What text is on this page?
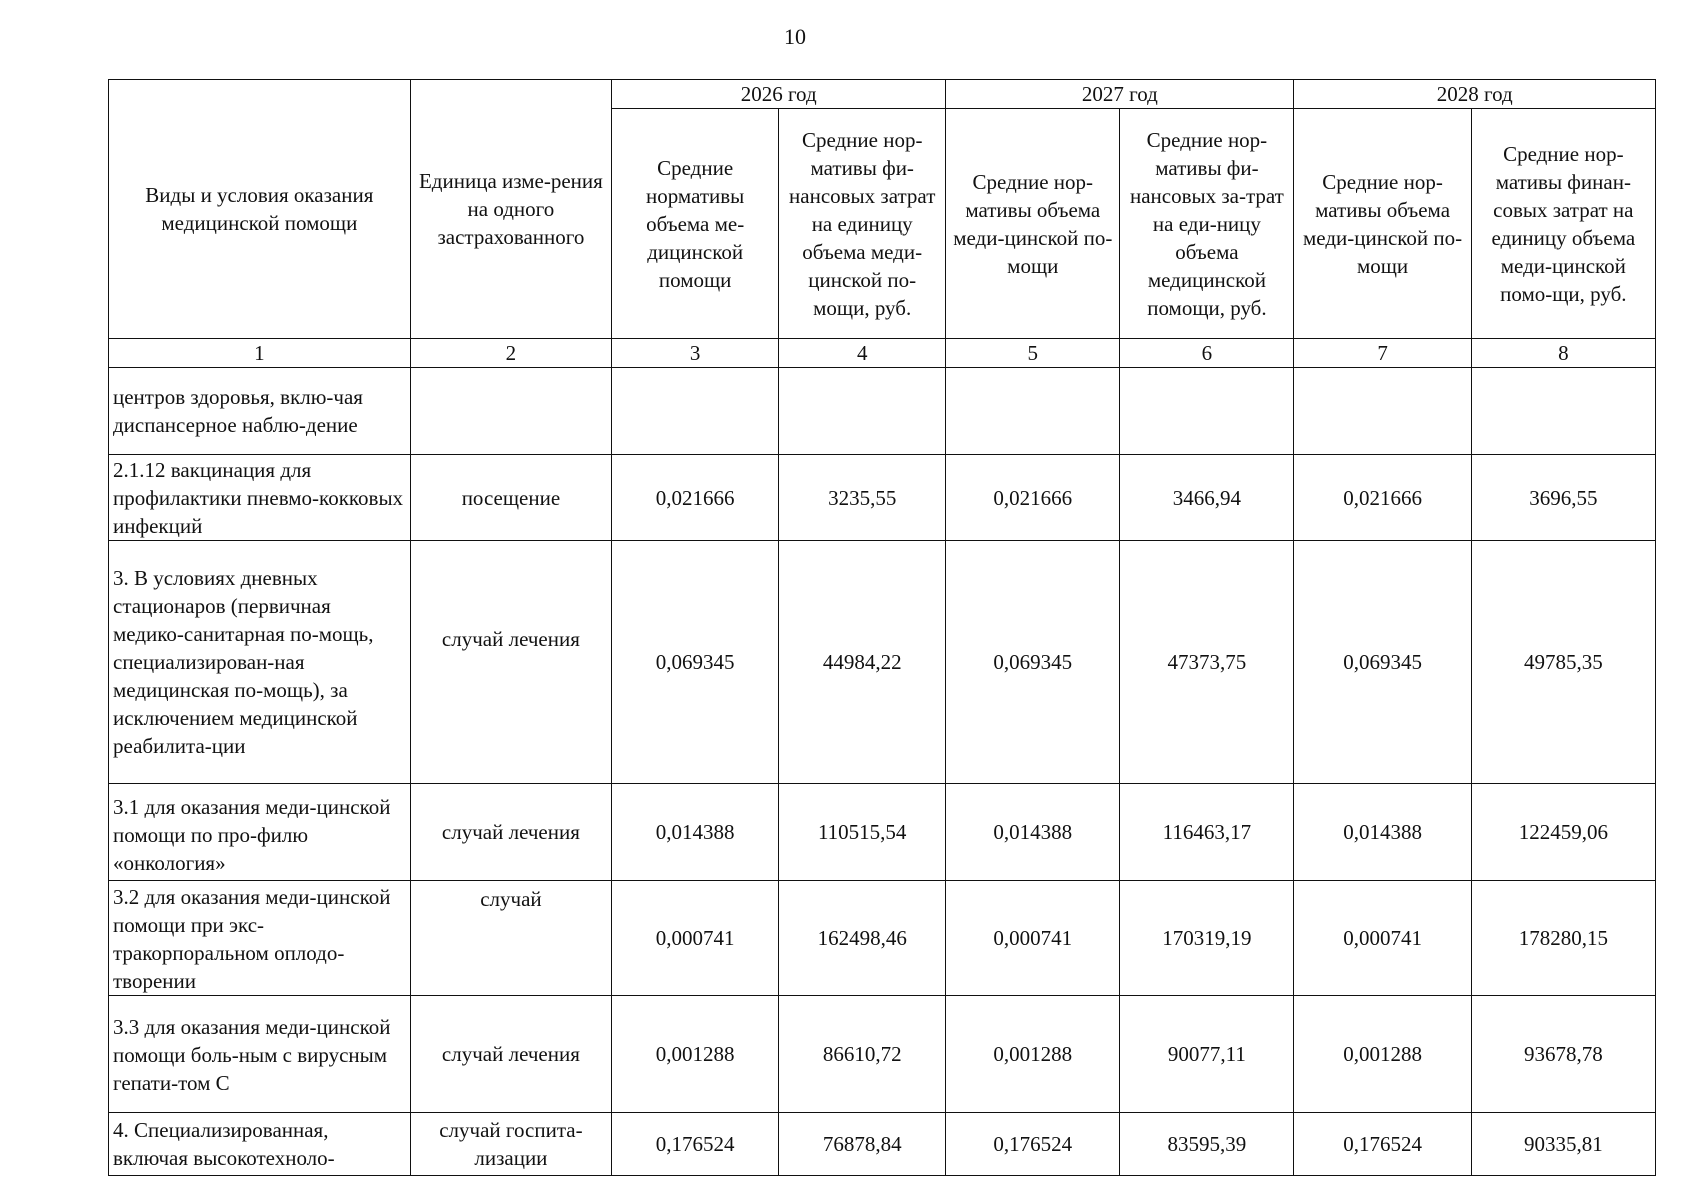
10
Виды и условия оказания медицинской помощи	Единица изме-рения на одного застрахованного	2026 год		2027 год		2028 год	
		Средние нормативы объема ме-дицинской помощи	Средние нор-мативы фи-нансовых затрат на единицу объема меди-цинской по-мощи, руб.	Средние нор-мативы объема меди-цинской по-мощи	Средние нор-мативы фи-нансовых за-трат на еди-ницу объема медицинской помощи, руб.	Средние нор-мативы объема меди-цинской по-мощи	Средние нор-мативы финан-совых затрат на единицу объема меди-цинской помо-щи, руб.
1	2	3	4	5	6	7	8
центров здоровья, вклю-чая диспансерное наблю-дение							
2.1.12 вакцинация для профилактики пневмо-кокковых инфекций	посещение	0,021666	3235,55	0,021666	3466,94	0,021666	3696,55
3. В условиях дневных стационаров (первичная медико-санитарная по-мощь, специализирован-ная медицинская по-мощь), за исключением медицинской реабилита-ции	случай лечения	0,069345	44984,22	0,069345	47373,75	0,069345	49785,35
3.1 для оказания меди-цинской помощи по про-филю «онкология»	случай лечения	0,014388	110515,54	0,014388	116463,17	0,014388	122459,06
3.2 для оказания меди-цинской помощи при экс-тракорпоральном оплодо-творении	случай	0,000741	162498,46	0,000741	170319,19	0,000741	178280,15
3.3 для оказания меди-цинской помощи боль-ным с вирусным гепати-том С	случай лечения	0,001288	86610,72	0,001288	90077,11	0,001288	93678,78
4. Специализированная, включая высокотехноло-	случай госпита-лизации	0,176524	76878,84	0,176524	83595,39	0,176524	90335,81
